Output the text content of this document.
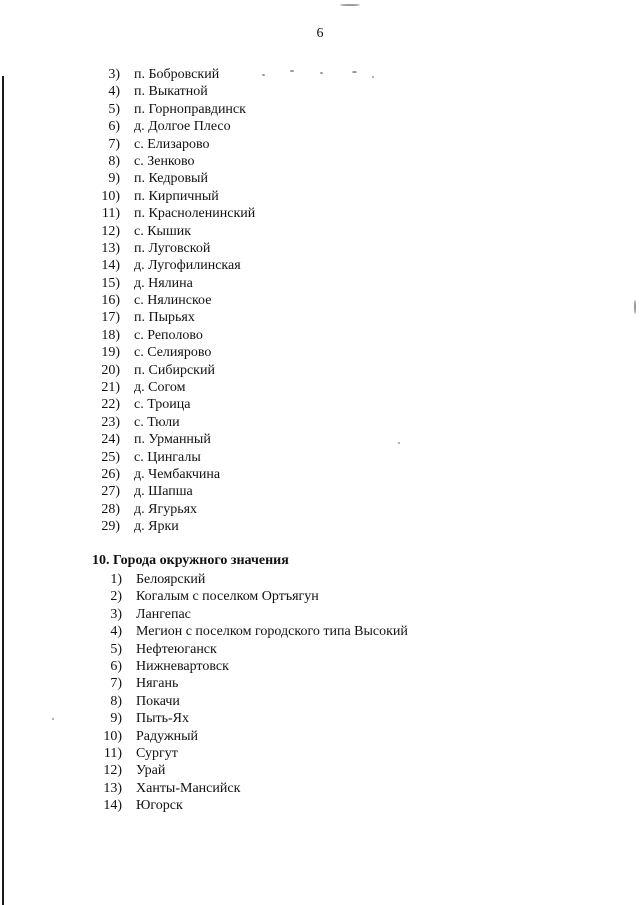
6
3) п. Бобровский
4) п. Выкатной
5) п. Горноправдинск
6) д. Долгое Плесо
7) с. Елизарово
8) с. Зенково
9) п. Кедровый
10) п. Кирпичный
11) п. Красноленинский
12) с. Кышик
13) п. Луговской
14) д. Лугофилинская
15) д. Нялина
16) с. Нялинское
17) п. Пырьях
18) с. Реполово
19) с. Селиярово
20) п. Сибирский
21) д. Согом
22) с. Троица
23) с. Тюли
24) п. Урманный
25) с. Цингалы
26) д. Чембакчина
27) д. Шапша
28) д. Ягурьях
29) д. Ярки
10. Города окружного значения
1) Белоярский
2) Когалым с поселком Ортъягун
3) Лангепас
4) Мегион с поселком городского типа Высокий
5) Нефтеюганск
6) Нижневартовск
7) Нягань
8) Покачи
9) Пыть-Ях
10) Радужный
11) Сургут
12) Урай
13) Ханты-Мансийск
14) Югорск
